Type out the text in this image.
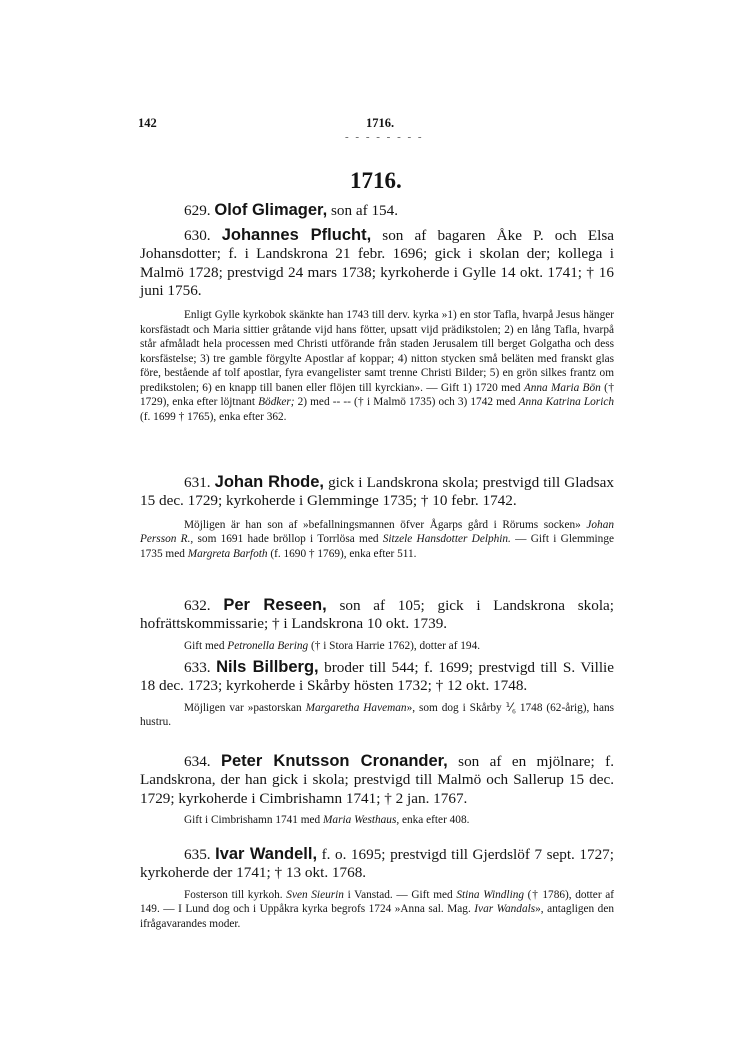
142	1716.
- - - - - - - -
1716.

629. Olof Glimager, son af 154.

630. Johannes Pflucht, son af bagaren Åke P. och Elsa Johansdotter; f. i Landskrona 21 febr. 1696; gick i skolan der; kollega i Malmö 1728; prestvigd 24 mars 1738; kyrkoherde i Gylle 14 okt. 1741; † 16 juni 1756.

Enligt Gylle kyrkobok skänkte han 1743 till derv. kyrka »1) en stor Tafla, hvarpå Jesus hänger korsfästadt och Maria sittier gråtande vijd hans fötter, upsatt vijd prädikstolen; 2) en lång Tafla, hvarpå står afmåladt hela processen med Christi utförande från staden Jerusalem till berget Golgatha och dess korsfästelse; 3) tre gamble förgylte Apostlar af koppar; 4) nitton stycken små beläten med franskt glas före, bestående af tolf apostlar, fyra evangelister samt trenne Christi Bilder; 5) en grön silkes frantz om predikstolen; 6) en knapp till banen eller flöjen till kyrckian». — Gift 1) 1720 med Anna Maria Bön († 1729), enka efter löjtnant Bödker; 2) med -- -- († i Malmö 1735) och 3) 1742 med Anna Katrina Lorich (f. 1699 † 1765), enka efter 362.

631. Johan Rhode, gick i Landskrona skola; prestvigd till Gladsax 15 dec. 1729; kyrkoherde i Glemminge 1735; † 10 febr. 1742.

Möjligen är han son af »befallningsmannen öfver Ågarps gård i Rörums socken» Johan Persson R., som 1691 hade bröllop i Torrlösa med Sitzele Hansdotter Delphin. — Gift i Glemminge 1735 med Margreta Barfoth (f. 1690 † 1769), enka efter 511.

632. Per Reseen, son af 105; gick i Landskrona skola; hofrättskommissarie; † i Landskrona 10 okt. 1739.

Gift med Petronella Bering († i Stora Harrie 1762), dotter af 194.

633. Nils Billberg, broder till 544; f. 1699; prestvigd till S. Villie 18 dec. 1723; kyrkoherde i Skårby hösten 1732; † 12 okt. 1748.

Möjligen var »pastorskan Margaretha Haveman», som dog i Skårby ⅟₆ 1748 (62-årig), hans hustru.

634. Peter Knutsson Cronander, son af en mjölnare; f. Landskrona, der han gick i skola; prestvigd till Malmö och Sallerup 15 dec. 1729; kyrkoherde i Cimbrishamn 1741; † 2 jan. 1767.

Gift i Cimbrishamn 1741 med Maria Westhaus, enka efter 408.

635. Ivar Wandell, f. o. 1695; prestvigd till Gjerdslöf 7 sept. 1727; kyrkoherde der 1741; † 13 okt. 1768.

Fosterson till kyrkoh. Sven Sieurin i Vanstad. — Gift med Stina Windling († 1786), dotter af 149. — I Lund dog och i Uppåkra kyrka begrofs 1724 »Anna sal. Mag. Ivar Wandals», antagligen den ifrågavarandes moder.
